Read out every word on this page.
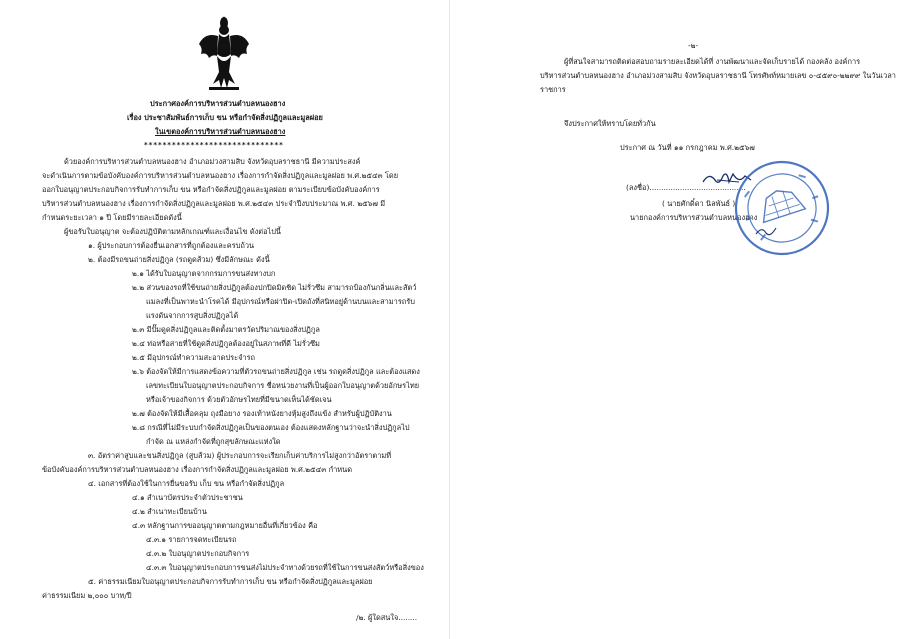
ประกาศองค์การบริหารส่วนตำบลหนองฮาง
เรื่อง ประชาสัมพันธ์การเก็บ ขน หรือกำจัดสิ่งปฏิกูลและมูลฝอย
ในเขตองค์การบริหารส่วนตำบลหนองฮาง
******************************
ด้วยองค์การบริหารส่วนตำบลหนองฮาง อำเภอม่วงสามสิบ จังหวัดอุบลราชธานี มีความประสงค์
จะดำเนินการตามข้อบังคับองค์การบริหารส่วนตำบลหนองฮาง เรื่องการกำจัดสิ่งปฏิกูลและมูลฝอย พ.ศ.๒๕๔๓ โดย
ออกใบอนุญาตประกอบกิจการรับทำการเก็บ ขน หรือกำจัดสิ่งปฏิกูลและมูลฝอย ตามระเบียบข้อบังคับองค์การ
บริหารส่วนตำบลหนองฮาง เรื่องการกำจัดสิ่งปฏิกูลและมูลฝอย พ.ศ.๒๕๔๓ ประจำปีงบประมาณ พ.ศ. ๒๕๖๗ มี
กำหนดระยะเวลา ๑ ปี โดยมีรายละเอียดดังนี้
ผู้ขอรับใบอนุญาต จะต้องปฏิบัติตามหลักเกณฑ์และเงื่อนไข ดังต่อไปนี้
๑. ผู้ประกอบการต้องยื่นเอกสารที่ถูกต้องและครบถ้วน
๒. ต้องมีรถขนถ่ายสิ่งปฏิกูล (รถดูดส้วม) ซึ่งมีลักษณะ ดังนี้
๒.๑ ได้รับใบอนุญาตจากกรมการขนส่งทางบก
๒.๒ ส่วนของรถที่ใช้ขนถ่ายสิ่งปฏิกูลต้องปกปิดมิดชิด ไม่รั่วซึม สามารถป้องกันกลิ่นและสัตว์
แมลงที่เป็นพาหะนำโรคได้ มีอุปกรณ์หรือฝาปิด-เปิดถังที่สนิทอยู่ด้านบนและสามารถรับ
แรงดันจากการสูบสิ่งปฏิกูลได้
๒.๓ มีปั๊มดูดสิ่งปฏิกูลและติดตั้งมาตรวัดปริมาณของสิ่งปฏิกูล
๒.๔ ท่อหรือสายที่ใช้ดูดสิ่งปฏิกูลต้องอยู่ในสภาพที่ดี ไม่รั่วซึม
๒.๕ มีอุปกรณ์ทำความสะอาดประจำรถ
๒.๖ ต้องจัดให้มีการแสดงข้อความที่ตัวรถขนถ่ายสิ่งปฏิกูล เช่น รถดูดสิ่งปฏิกูล และต้องแสดง
เลขทะเบียนใบอนุญาตประกอบกิจการ ชื่อหน่วยงานที่เป็นผู้ออกใบอนุญาตด้วยอักษรไทย
หรือเจ้าของกิจการ ด้วยตัวอักษรไทยที่มีขนาดเห็นได้ชัดเจน
๒.๗ ต้องจัดให้มีเสื้อคลุม ถุงมือยาง รองเท้าหนังยางหุ้มสูงถึงแข้ง สำหรับผู้ปฏิบัติงาน
๒.๘ กรณีที่ไม่มีระบบกำจัดสิ่งปฏิกูลเป็นของตนเอง ต้องแสดงหลักฐานว่าจะนำสิ่งปฏิกูลไป
กำจัด ณ แหล่งกำจัดที่ถูกสุขลักษณะแห่งใด
๓. อัตราค่าสูบและขนสิ่งปฏิกูล (สูบส้วม) ผู้ประกอบการจะเรียกเก็บค่าบริการไม่สูงกว่าอัตราตามที่
ข้อบังคับองค์การบริหารส่วนตำบลหนองฮาง เรื่องการกำจัดสิ่งปฏิกูลและมูลฝอย พ.ศ.๒๕๔๓ กำหนด
๔. เอกสารที่ต้องใช้ในการยื่นขอรับ เก็บ ขน หรือกำจัดสิ่งปฏิกูล
๔.๑ สำเนาบัตรประจำตัวประชาชน
๔.๒ สำเนาทะเบียนบ้าน
๔.๓ หลักฐานการขออนุญาตตามกฎหมายอื่นที่เกี่ยวข้อง คือ
๔.๓.๑ รายการจดทะเบียนรถ
๔.๓.๒ ใบอนุญาตประกอบกิจการ
๔.๓.๓ ใบอนุญาตประกอบการขนส่งไม่ประจำทางด้วยรถที่ใช้ในการขนส่งสัตว์หรือสิ่งของ
๕. ค่าธรรมเนียมใบอนุญาตประกอบกิจการรับทำการเก็บ ขน หรือกำจัดสิ่งปฏิกูลและมูลฝอย
ค่าธรรมเนียม ๒,๐๐๐ บาท/ปี
/๒. ผู้ใดสนใจ........
-๒-
ผู้ที่สนใจสามารถติดต่อสอบถามรายละเอียดได้ที่ งานพัฒนาและจัดเก็บรายได้ กองคลัง องค์การ
บริหารส่วนตำบลหนองฮาง อำเภอม่วงสามสิบ จังหวัดอุบลราชธานี โทรศัพท์หมายเลข ๐-๔๕๙๐-๒๒๙๙ ในวันเวลา
ราชการ
จึงประกาศให้ทราบโดยทั่วกัน
ประกาศ ณ วันที่ ๑๑ กรกฎาคม พ.ศ.๒๕๖๗
(ลงชื่อ).........................................
( นายศักดิ์ดา นิลพันธ์ )
นายกองค์การบริหารส่วนตำบลหนองฮาง
